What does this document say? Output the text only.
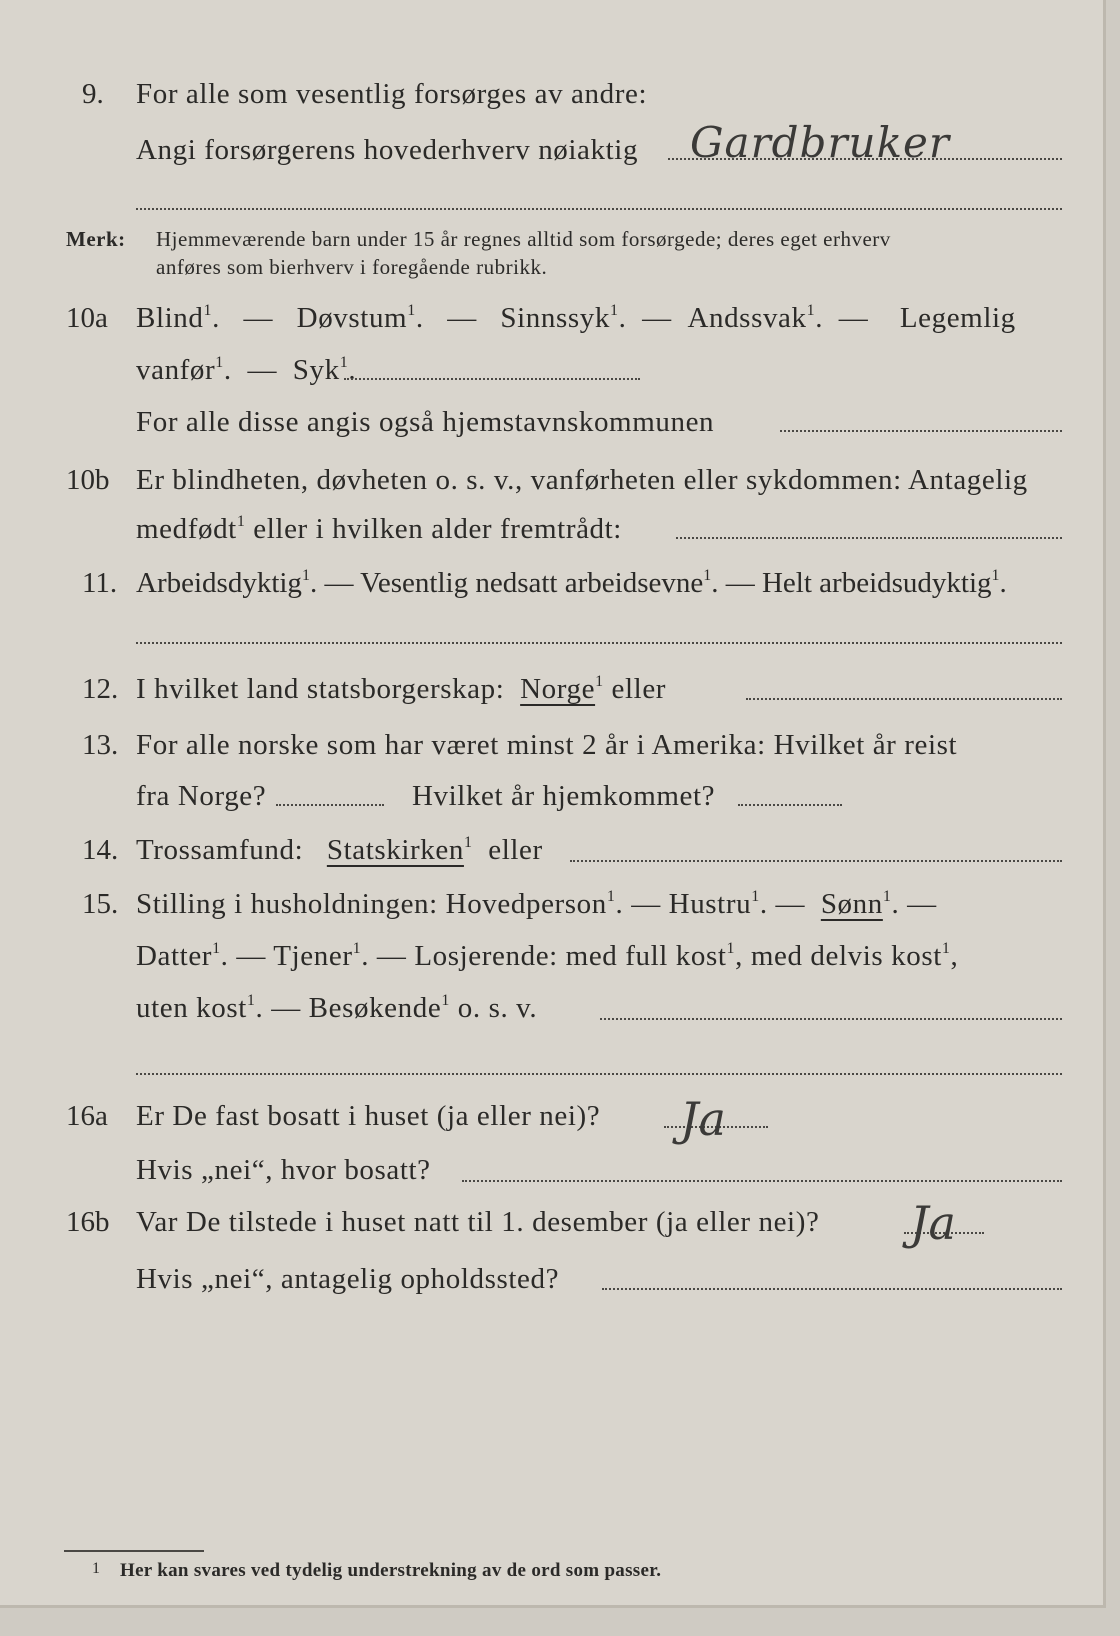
9. For alle som vesentlig forsørges av andre:
Angi forsørgerens hovederhverv nøiaktig Gardbruker
Merk: Hjemmeværende barn under 15 år regnes alltid som forsørgede; deres eget erhverv
anføres som bierhverv i foregående rubrikk.
10a Blind$^1$.   — Døvstum$^1$.   — Sinnssyk$^1$.  — Andssvak$^1$.  — Legemlig
vanfør$^1$.  — Syk$^1$.
For alle disse angis også hjemstavnskommunen
10b Er blindheten, døvheten o. s. v., vanførheten eller sykdommen: Antagelig
medfødt$^1$ eller i hvilken alder fremtrådt:
11. Arbeidsdyktig$^1$. — Vesentlig nedsatt arbeidsevne$^1$. — Helt arbeidsudyktig$^1$.
12. I hvilket land statsborgerskap: Norge$^1$ eller
13. For alle norske som har været minst 2 år i Amerika: Hvilket år reist
fra Norge?	Hvilket år hjemkommet?
14. Trossamfund: Statskirken$^1$ eller
15. Stilling i husholdningen: Hovedperson$^1$. — Hustru$^1$. — Sønn$^1$. —
Datter$^1$. — Tjener$^1$. — Losjerende: med full kost$^1$, med delvis kost$^1$,
uten kost$^1$. — Besøkende$^1$ o. s. v.
16a Er De fast bosatt i huset (ja eller nei)? Ja
Hvis „nei“, hvor bosatt?
16b Var De tilstede i huset natt til 1. desember (ja eller nei)? Ja
Hvis „nei“, antagelig opholdssted?
1 Her kan svares ved tydelig understrekning av de ord som passer.
